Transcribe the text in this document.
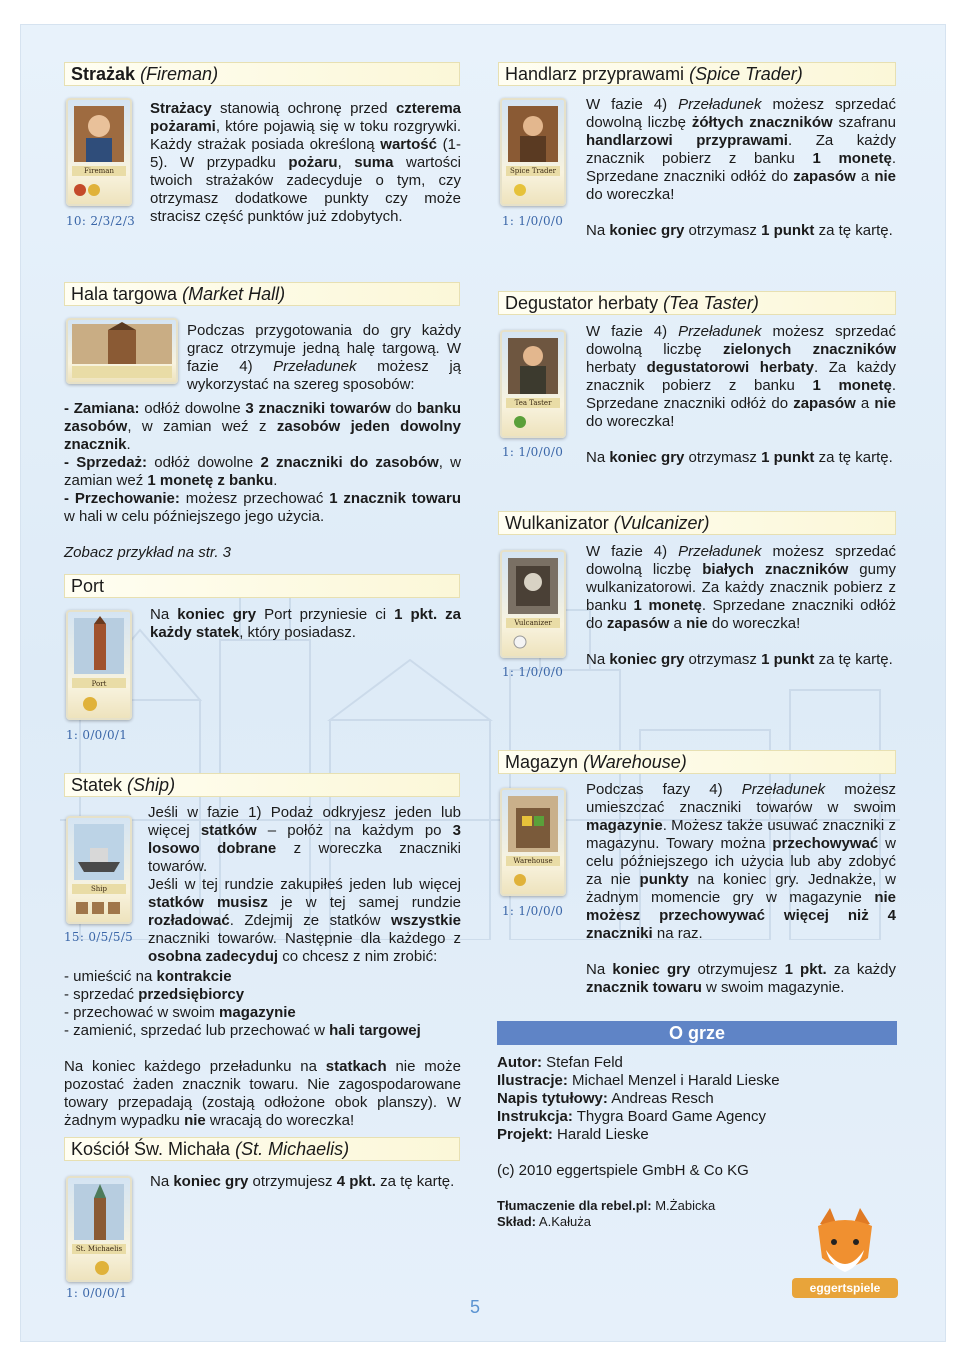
Strażak (Fireman)
Fireman
10: 2/3/2/3
Strażacy stanowią ochronę przed czterema pożarami, które pojawią się w toku rozgrywki. Każdy strażak posiada określoną wartość (1-5). W przypadku pożaru, suma wartości twoich strażaków zadecyduje o tym, czy otrzymasz dodatkowe punkty czy może stracisz część punktów już zdobytych.
Handlarz przyprawami (Spice Trader)
Spice Trader
1: 1/0/0/0
W fazie 4) Przeładunek możesz sprzedać dowolną liczbę żółtych znaczników szafranu handlarzowi przyprawami. Za każdy znacznik pobierz z banku 1 monetę. Sprzedane znaczniki odłóż do zapasów a nie do woreczka!
Na koniec gry otrzymasz 1 punkt za tę kartę.
Hala targowa (Market Hall)
Podczas przygotowania do gry każdy gracz otrzymuje jedną halę targową. W fazie 4) Przeładunek możesz ją wykorzystać na szereg sposobów:
- Zamiana: odłóż dowolne 3 znaczniki towarów do banku zasobów, w zamian weź z zasobów jeden dowolny znacznik.
- Sprzedaż: odłóż dowolne 2 znaczniki do zasobów, w zamian weź 1 monetę z banku.
- Przechowanie: możesz przechować 1 znacznik towaru w hali w celu późniejszego jego użycia.
Zobacz przykład na str. 3
Degustator herbaty (Tea Taster)
Tea Taster
1: 1/0/0/0
W fazie 4) Przeładunek możesz sprzedać dowolną liczbę zielonych znaczników herbaty degustatorowi herbaty. Za każdy znacznik pobierz z banku 1 monetę. Sprzedane znaczniki odłóż do zapasów a nie do woreczka!
Na koniec gry otrzymasz 1 punkt za tę kartę.
Wulkanizator (Vulcanizer)
Vulcanizer
1: 1/0/0/0
W fazie 4) Przeładunek możesz sprzedać dowolną liczbę białych znaczników gumy wulkanizatorowi. Za każdy znacznik pobierz z banku 1 monetę. Sprzedane znaczniki odłóż do zapasów a nie do woreczka!
Na koniec gry otrzymasz 1 punkt za tę kartę.
Port
Port
1: 0/0/0/1
Na koniec gry Port przyniesie ci 1 pkt. za każdy statek, który posiadasz.
Statek (Ship)
Ship
15: 0/5/5/5
Jeśli w fazie 1) Podaż odkryjesz jeden lub więcej statków – połóż na każdym po 3 losowo dobrane z woreczka znaczniki towarów.
Jeśli w tej rundzie zakupiłeś jeden lub więcej statków musisz je w tej samej rundzie rozładować. Zdejmij ze statków wszystkie znaczniki towarów. Następnie dla każdego z osobna zadecyduj co chcesz z nim zrobić:
- umieścić na kontrakcie
- sprzedać przedsiębiorcy
- przechować w swoim magazynie
- zamienić, sprzedać lub przechować w hali targowej
Na koniec każdego przeładunku na statkach nie może pozostać żaden znacznik towaru. Nie zagospodarowane towary przepadają (zostają odłożone obok planszy). W żadnym wypadku nie wracają do woreczka!
Kościół Św. Michała (St. Michaelis)
St. Michaelis
1: 0/0/0/1
Na koniec gry otrzymujesz 4 pkt. za tę kartę.
Magazyn (Warehouse)
Warehouse
1: 1/0/0/0
Podczas fazy 4) Przeładunek możesz umieszczać znaczniki towarów w swoim magazynie. Możesz także usuwać znaczniki z magazynu. Towary można przechowywać w celu późniejszego ich użycia lub aby zdobyć za nie punkty na koniec gry. Jednakże, w żadnym momencie gry w magazynie nie możesz przechowywać więcej niż 4 znaczniki na raz.
Na koniec gry otrzymujesz 1 pkt. za każdy znacznik towaru w swoim magazynie.
O grze
Autor: Stefan Feld
Ilustracje: Michael Menzel i Harald Lieske
Napis tytułowy: Andreas Resch
Instrukcja: Thygra Board Game Agency
Projekt: Harald Lieske
(c) 2010 eggertspiele GmbH & Co KG
Tłumaczenie dla rebel.pl: M.Żabicka
Skład: A.Kałuża
eggertspiele
5
